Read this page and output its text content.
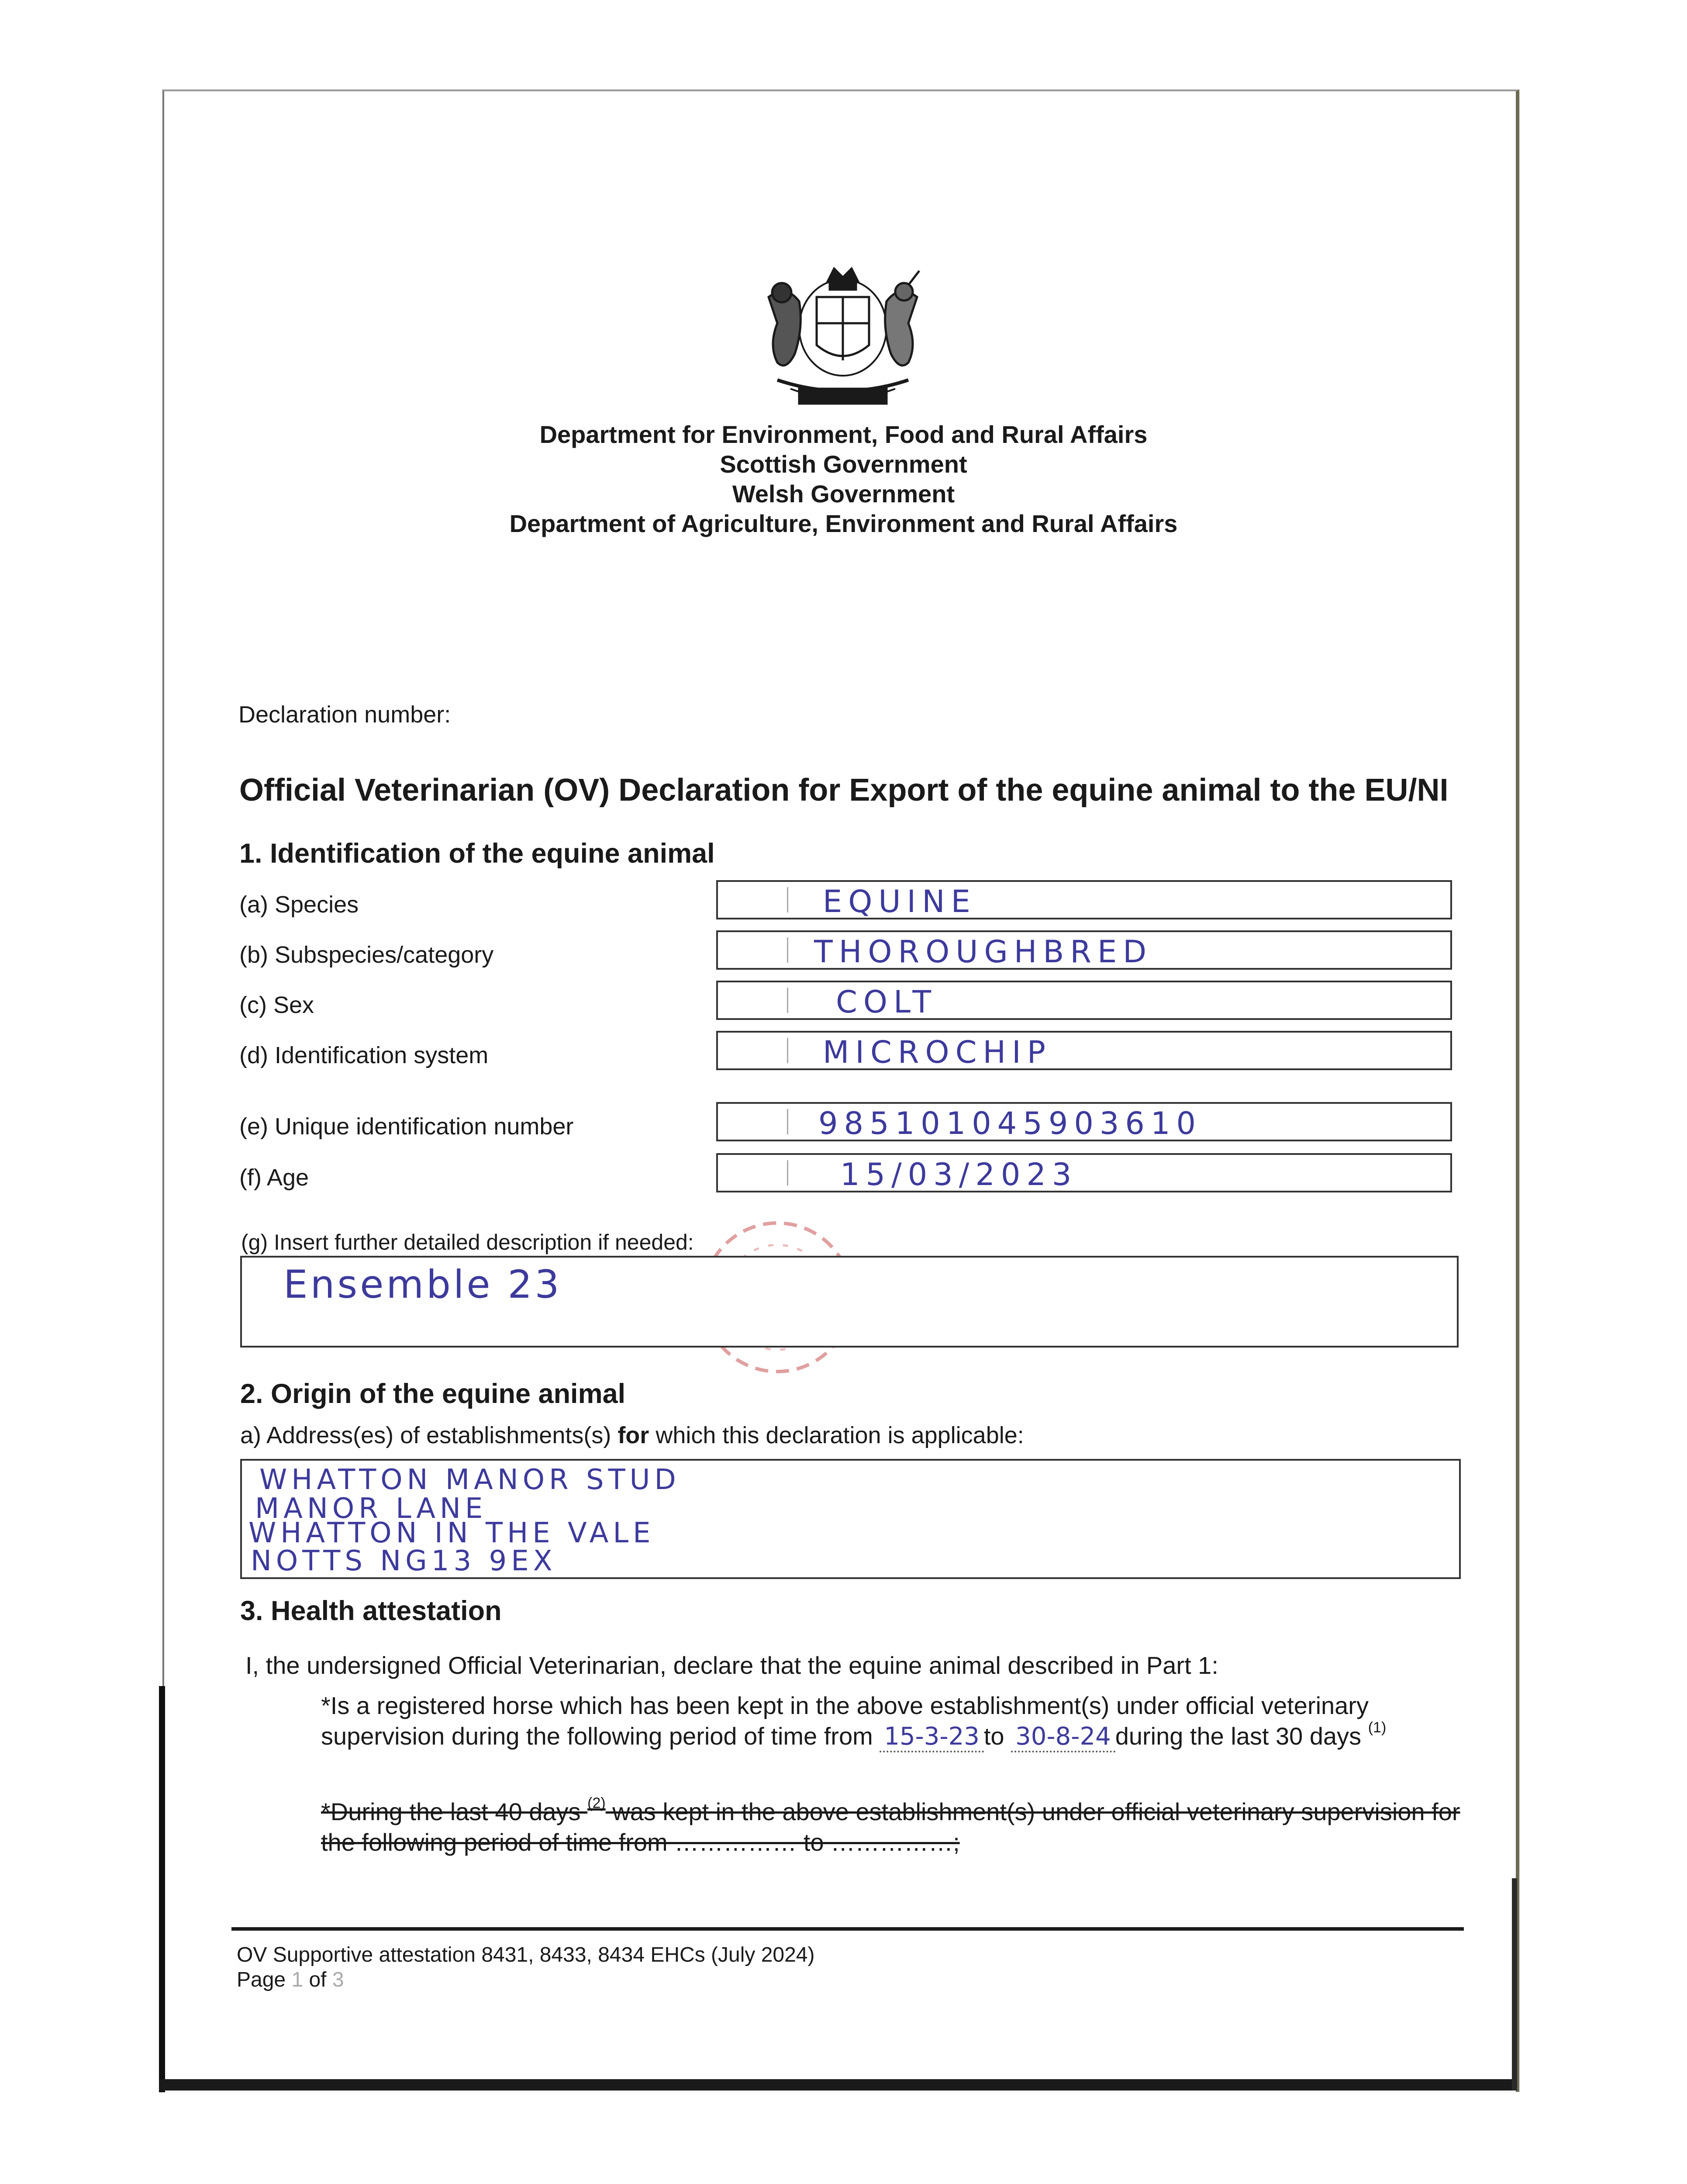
Department for Environment, Food and Rural Affairs
Scottish Government
Welsh Government
Department of Agriculture, Environment and Rural Affairs
Declaration number:
Official Veterinarian (OV) Declaration for Export of the equine animal to the EU/NI
1. Identification of the equine animal
(a) Species	EQUINE
(b) Subspecies/category	THOROUGHBRED
(c) Sex	COLT
(d) Identification system	MICROCHIP
(e) Unique identification number	985101045903610
(f) Age	15/03/2023
(g) Insert further detailed description if needed:
Ensemble 23
2. Origin of the equine animal
a) Address(es) of establishments(s) for which this declaration is applicable:
WHATTON MANOR STUD
MANOR LANE
WHATTON IN THE VALE
NOTTS NG13 9EX
3. Health attestation
I, the undersigned Official Veterinarian, declare that the equine animal described in Part 1:
*Is a registered horse which has been kept in the above establishment(s) under official veterinary
supervision during the following period of time from 15-3-23 to 30-8-24 during the last 30 days $^{(1)}$
*During the last 40 days $^{(2)}$ was kept in the above establishment(s) under official veterinary supervision for
the following period of time from …………… to ……………;
OV Supportive attestation 8431, 8433, 8434 EHCs (July 2024)
Page 1 of 3
